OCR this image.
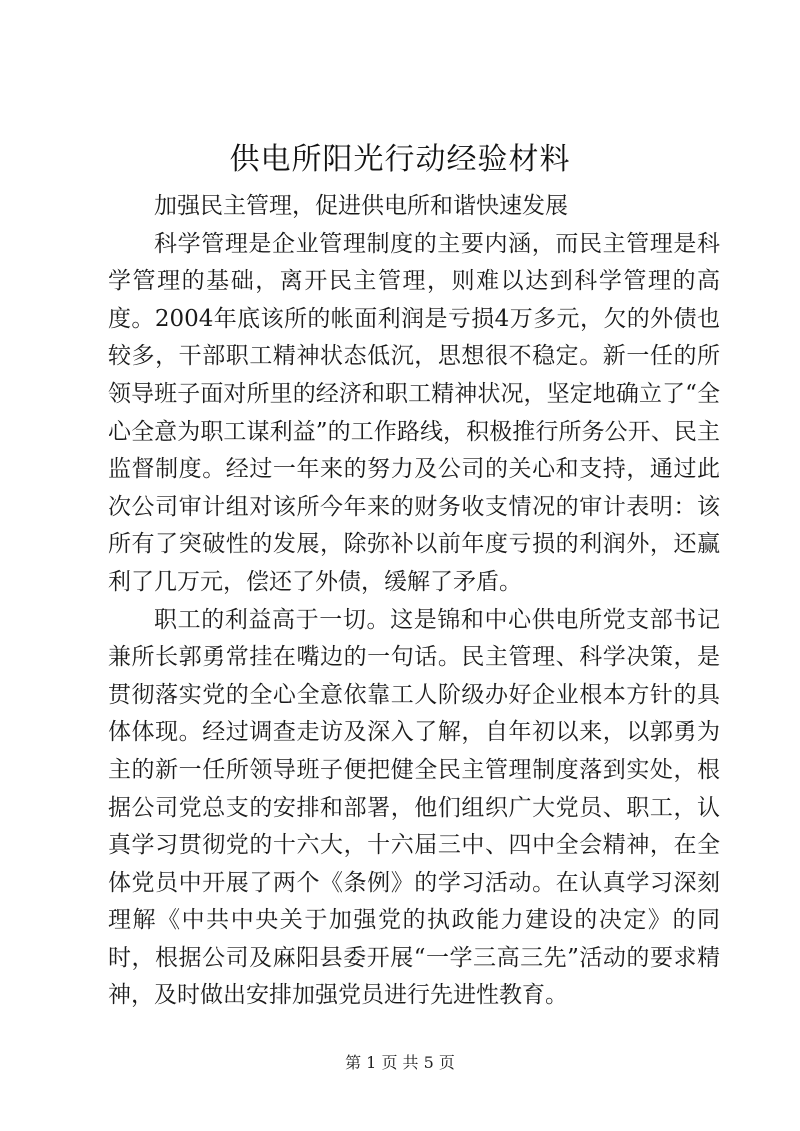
供电所阳光行动经验材料

加强民主管理，促进供电所和谐快速发展

科学管理是企业管理制度的主要内涵，而民主管理是科学管理的基础，离开民主管理，则难以达到科学管理的高度。2004年底该所的帐面利润是亏损4万多元，欠的外债也较多，干部职工精神状态低沉，思想很不稳定。新一任的所领导班子面对所里的经济和职工精神状况，坚定地确立了“全心全意为职工谋利益”的工作路线，积极推行所务公开、民主监督制度。经过一年来的努力及公司的关心和支持，通过此次公司审计组对该所今年来的财务收支情况的审计表明：该所有了突破性的发展，除弥补以前年度亏损的利润外，还赢利了几万元，偿还了外债，缓解了矛盾。

职工的利益高于一切。这是锦和中心供电所党支部书记兼所长郭勇常挂在嘴边的一句话。民主管理、科学决策，是贯彻落实党的全心全意依靠工人阶级办好企业根本方针的具体体现。经过调查走访及深入了解，自年初以来，以郭勇为主的新一任所领导班子便把健全民主管理制度落到实处，根据公司党总支的安排和部署，他们组织广大党员、职工，认真学习贯彻党的十六大，十六届三中、四中全会精神，在全体党员中开展了两个《条例》的学习活动。在认真学习深刻理解《中共中央关于加强党的执政能力建设的决定》的同时，根据公司及麻阳县委开展“一学三高三先”活动的要求精神，及时做出安排加强党员进行先进性教育。

第 1 页 共 5 页
